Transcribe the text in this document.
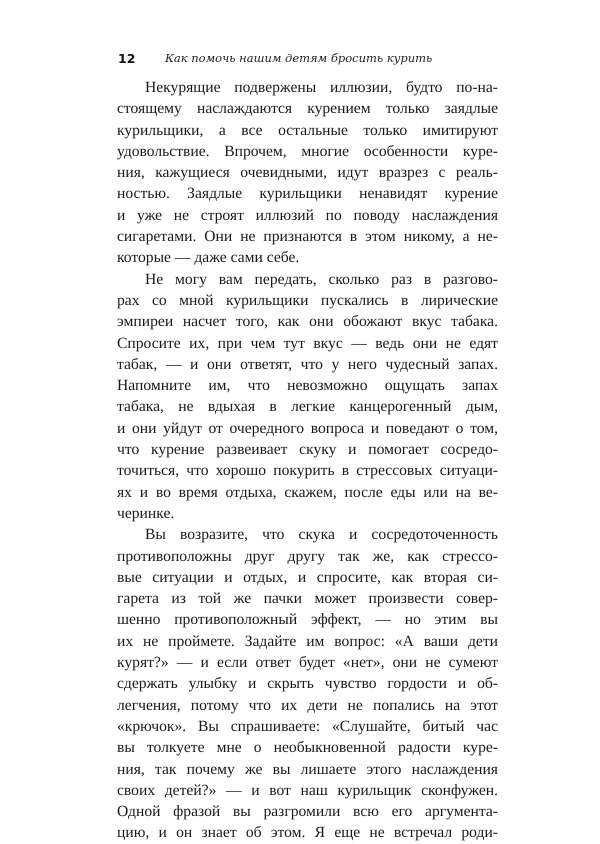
12	Как помочь нашим детям бросить курить
Некурящие подвержены иллюзии, будто по-на-
стоящему наслаждаются курением только заядлые
курильщики, а все остальные только имитируют
удовольствие. Впрочем, многие особенности курe-
ния, кажущиеся очевидными, идут вразрез с реаль-
ностью. Заядлые курильщики ненавидят курение
и уже не строят иллюзий по поводу наслаждения
сигаретами. Они не признаются в этом никому, а не-
которые — даже сами себе.
Не могу вам передать, сколько раз в разгово-
рах со мной курильщики пускались в лирические
эмпиреи насчет того, как они обожают вкус табака.
Спросите их, при чем тут вкус — ведь они не едят
табак, — и они ответят, что у него чудесный запах.
Напомните им, что невозможно ощущать запах
табака, не вдыхая в легкие канцерогенный дым,
и они уйдут от очередного вопроса и поведают о том,
что курение развеивает скуку и помогает сосредо-
точиться, что хорошо покурить в стрессовых ситуаци-
ях и во время отдыха, скажем, после еды или на ве-
черинке.
Вы возразите, что скука и сосредоточенность
противоположны друг другу так же, как стрессо-
вые ситуации и отдых, и спросите, как вторая си-
гарета из той же пачки может произвести совер-
шенно противоположный эффект, — но этим вы
их не проймете. Задайте им вопрос: «А ваши дети
курят?» — и если ответ будет «нет», они не сумеют
сдержать улыбку и скрыть чувство гордости и об-
легчения, потому что их дети не попались на этот
«крючок». Вы спрашиваете: «Слушайте, битый час
вы толкуете мне о необыкновенной радости куре-
ния, так почему же вы лишаете этого наслаждения
своих детей?» — и вот наш курильщик сконфужен.
Одной фразой вы разгромили всю его аргумента-
цию, и он знает об этом. Я еще не встречал роди-
